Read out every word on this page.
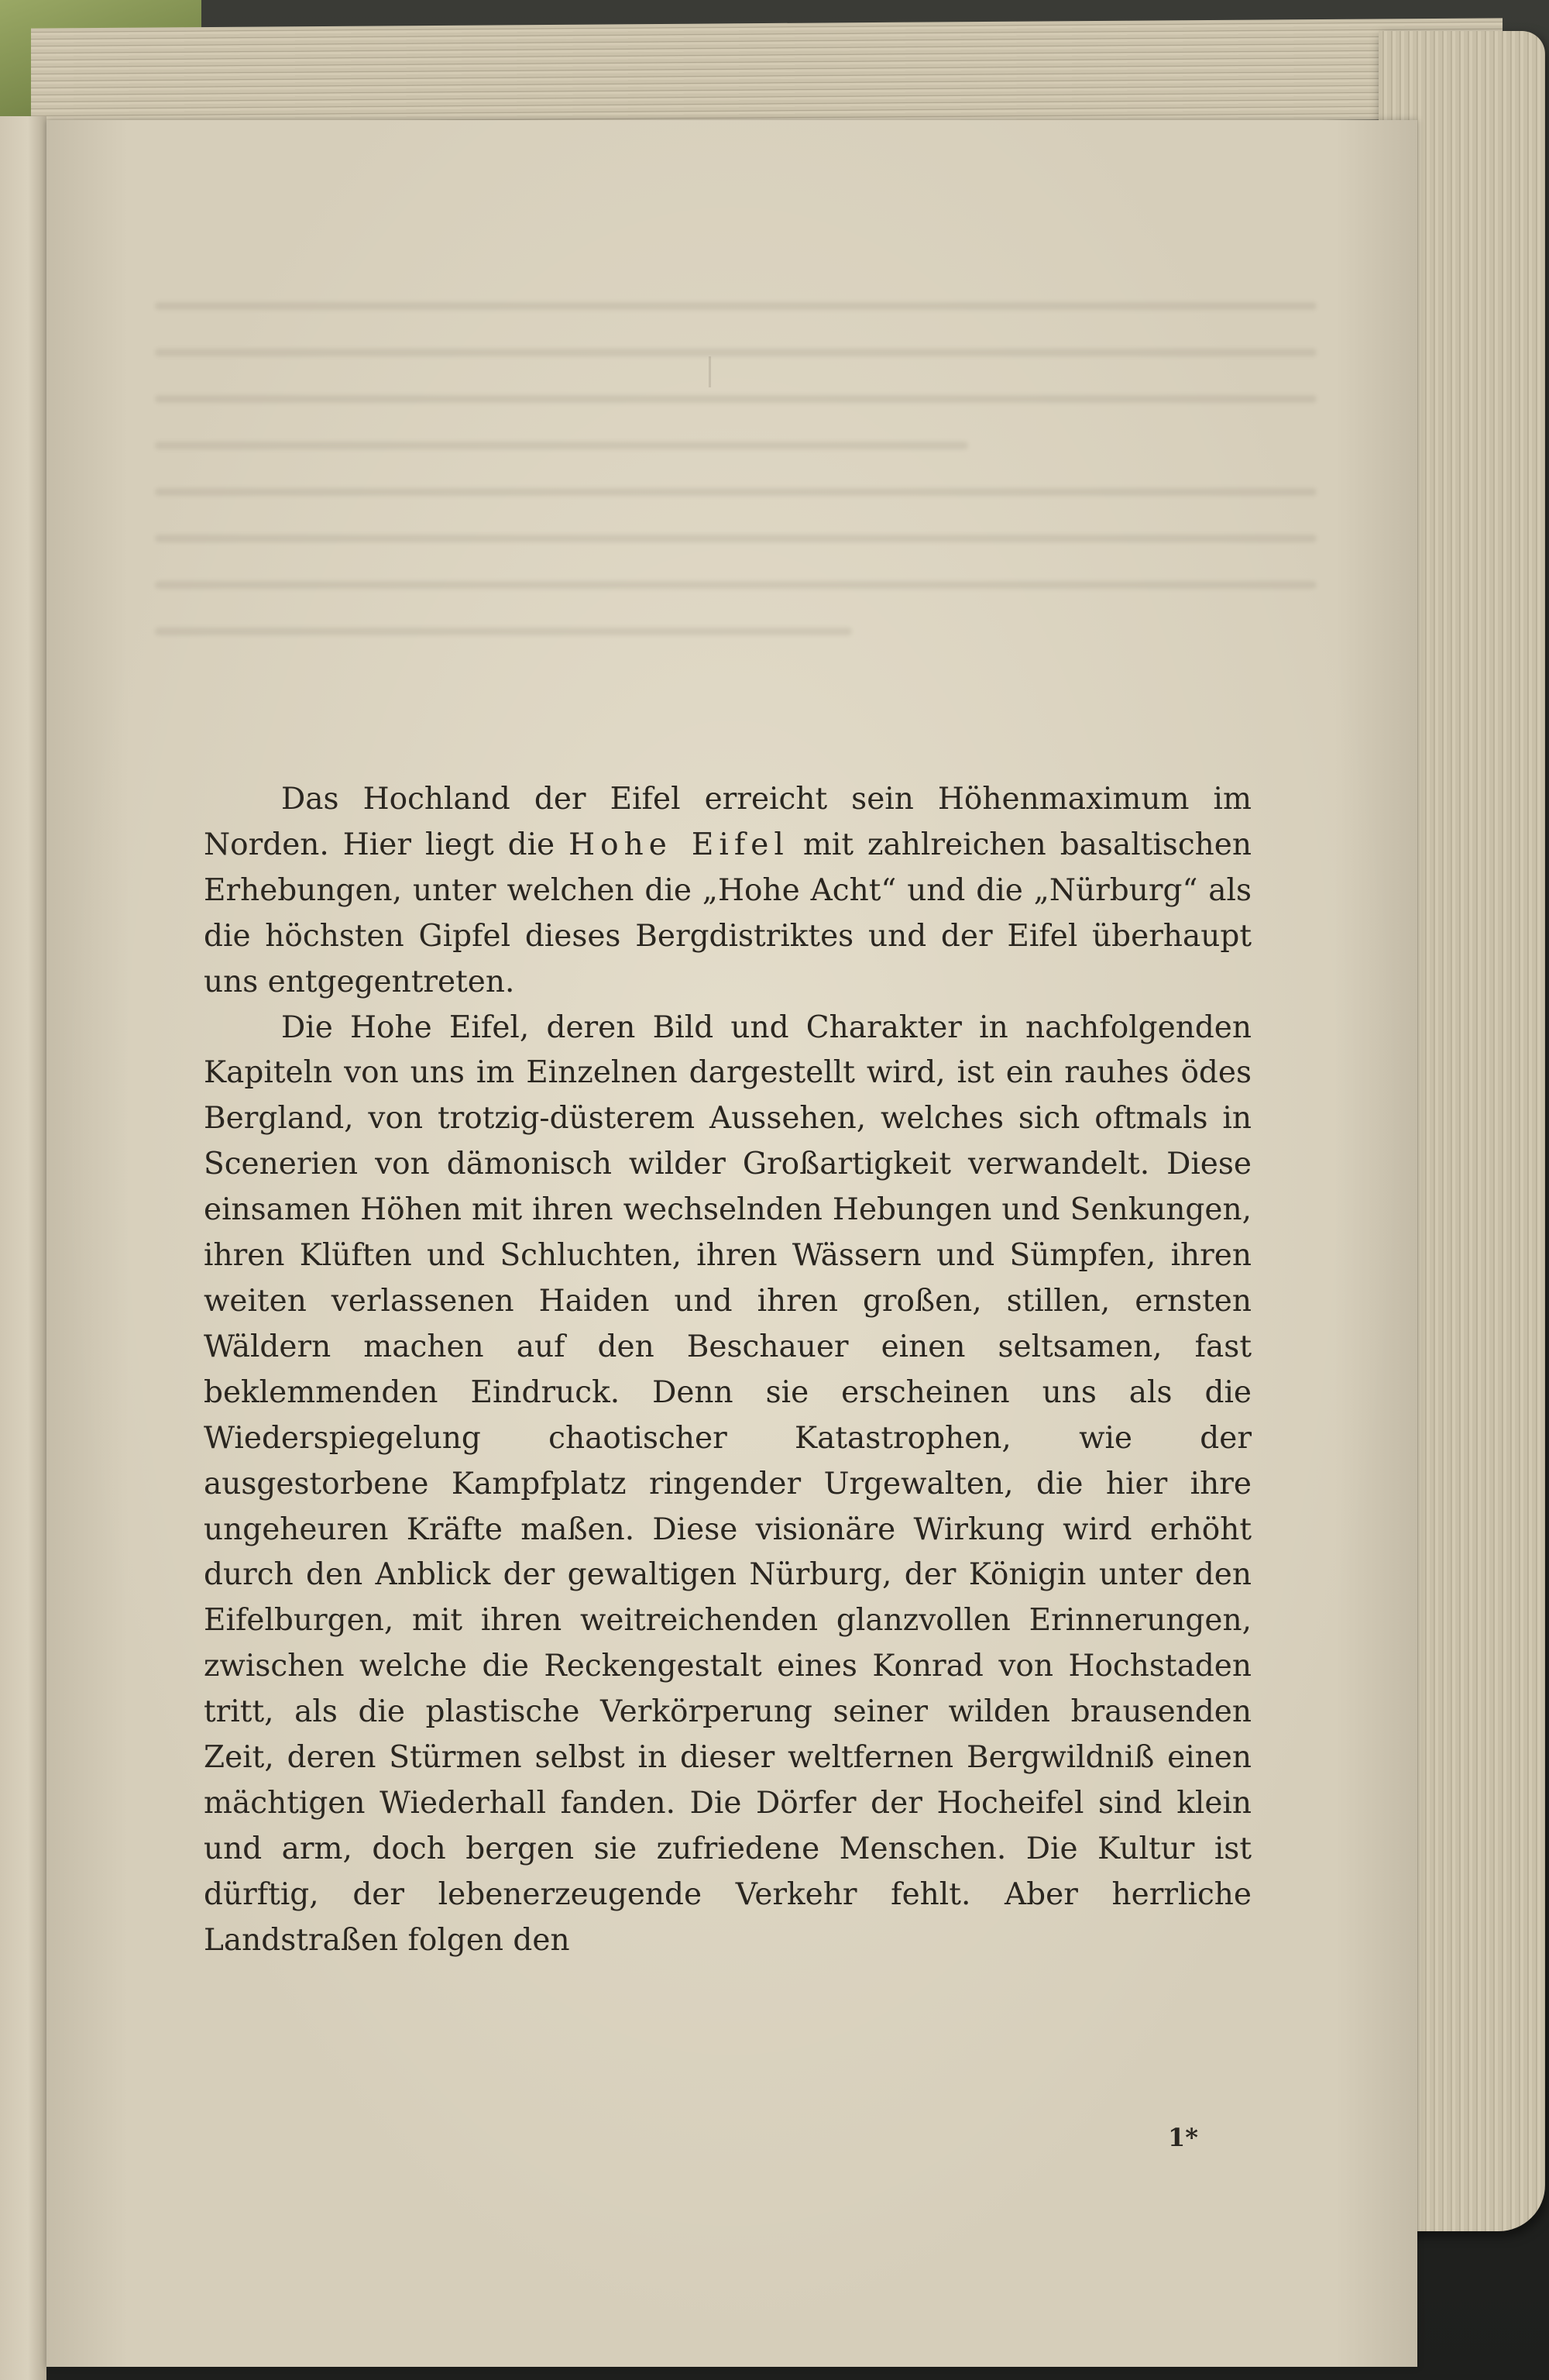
Das Hochland der Eifel erreicht sein Höhenmaximum im Norden. Hier liegt die Hohe Eifel mit zahlreichen basaltischen Erhebungen, unter welchen die „Hohe Acht“ und die „Nürburg“ als die höchsten Gipfel dieses Bergdistriktes und der Eifel überhaupt uns entgegentreten.

Die Hohe Eifel, deren Bild und Charakter in nachfolgenden Kapiteln von uns im Einzelnen dargestellt wird, ist ein rauhes ödes Bergland, von trotzig-düsterem Aussehen, welches sich oftmals in Scenerien von dämonisch wilder Großartigkeit verwandelt. Diese einsamen Höhen mit ihren wechselnden Hebungen und Senkungen, ihren Klüften und Schluchten, ihren Wässern und Sümpfen, ihren weiten verlassenen Haiden und ihren großen, stillen, ernsten Wäldern machen auf den Beschauer einen seltsamen, fast beklemmenden Eindruck. Denn sie erscheinen uns als die Wiederspiegelung chaotischer Katastrophen, wie der ausgestorbene Kampfplatz ringender Urgewalten, die hier ihre ungeheuren Kräfte maßen. Diese visionäre Wirkung wird erhöht durch den Anblick der gewaltigen Nürburg, der Königin unter den Eifelburgen, mit ihren weitreichenden glanzvollen Erinnerungen, zwischen welche die Reckengestalt eines Konrad von Hochstaden tritt, als die plastische Verkörperung seiner wilden brausenden Zeit, deren Stürmen selbst in dieser weltfernen Bergwildniß einen mächtigen Wiederhall fanden. Die Dörfer der Hocheifel sind klein und arm, doch bergen sie zufriedene Menschen. Die Kultur ist dürftig, der lebenerzeugende Verkehr fehlt. Aber herrliche Landstraßen folgen den

1*
